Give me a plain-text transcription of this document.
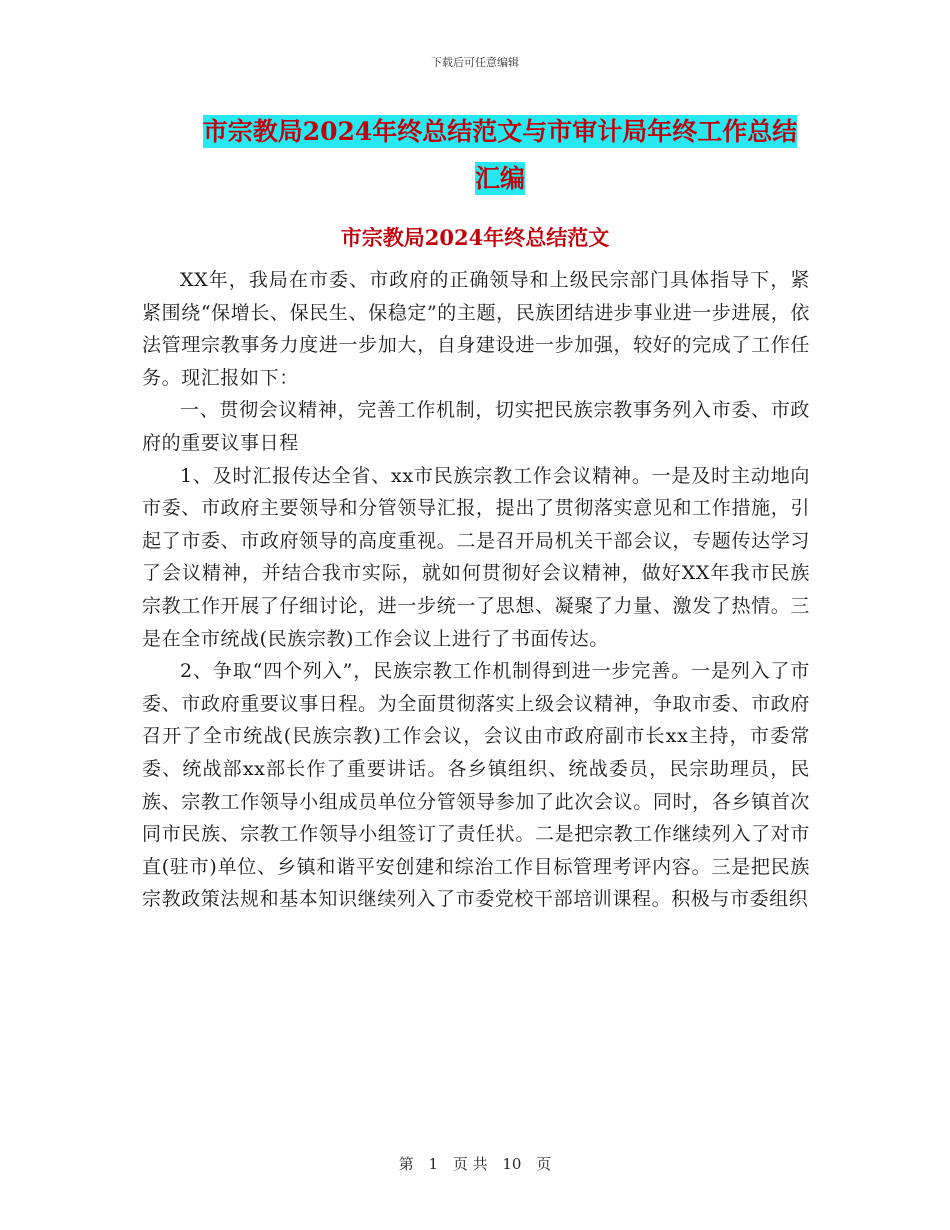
下载后可任意编辑
市宗教局2024年终总结范文与市审计局年终工作总结
汇编
市宗教局2024年终总结范文

XX年，我局在市委、市政府的正确领导和上级民宗部门具体指导下，紧紧围绕“保增长、保民生、保稳定”的主题，民族团结进步事业进一步进展，依法管理宗教事务力度进一步加大，自身建设进一步加强，较好的完成了工作任务。现汇报如下：

一、贯彻会议精神，完善工作机制，切实把民族宗教事务列入市委、市政府的重要议事日程

1、及时汇报传达全省、xx市民族宗教工作会议精神。一是及时主动地向市委、市政府主要领导和分管领导汇报，提出了贯彻落实意见和工作措施，引起了市委、市政府领导的高度重视。二是召开局机关干部会议，专题传达学习了会议精神，并结合我市实际，就如何贯彻好会议精神，做好XX年我市民族宗教工作开展了仔细讨论，进一步统一了思想、凝聚了力量、激发了热情。三是在全市统战(民族宗教)工作会议上进行了书面传达。

2、争取“四个列入”，民族宗教工作机制得到进一步完善。一是列入了市委、市政府重要议事日程。为全面贯彻落实上级会议精神，争取市委、市政府召开了全市统战(民族宗教)工作会议，会议由市政府副市长xx主持，市委常委、统战部xx部长作了重要讲话。各乡镇组织、统战委员，民宗助理员，民族、宗教工作领导小组成员单位分管领导参加了此次会议。同时，各乡镇首次同市民族、宗教工作领导小组签订了责任状。二是把宗教工作继续列入了对市直(驻市)单位、乡镇和谐平安创建和综治工作目标管理考评内容。三是把民族宗教政策法规和基本知识继续列入了市委党校干部培训课程。积极与市委组织

第 1 页 共 10 页
